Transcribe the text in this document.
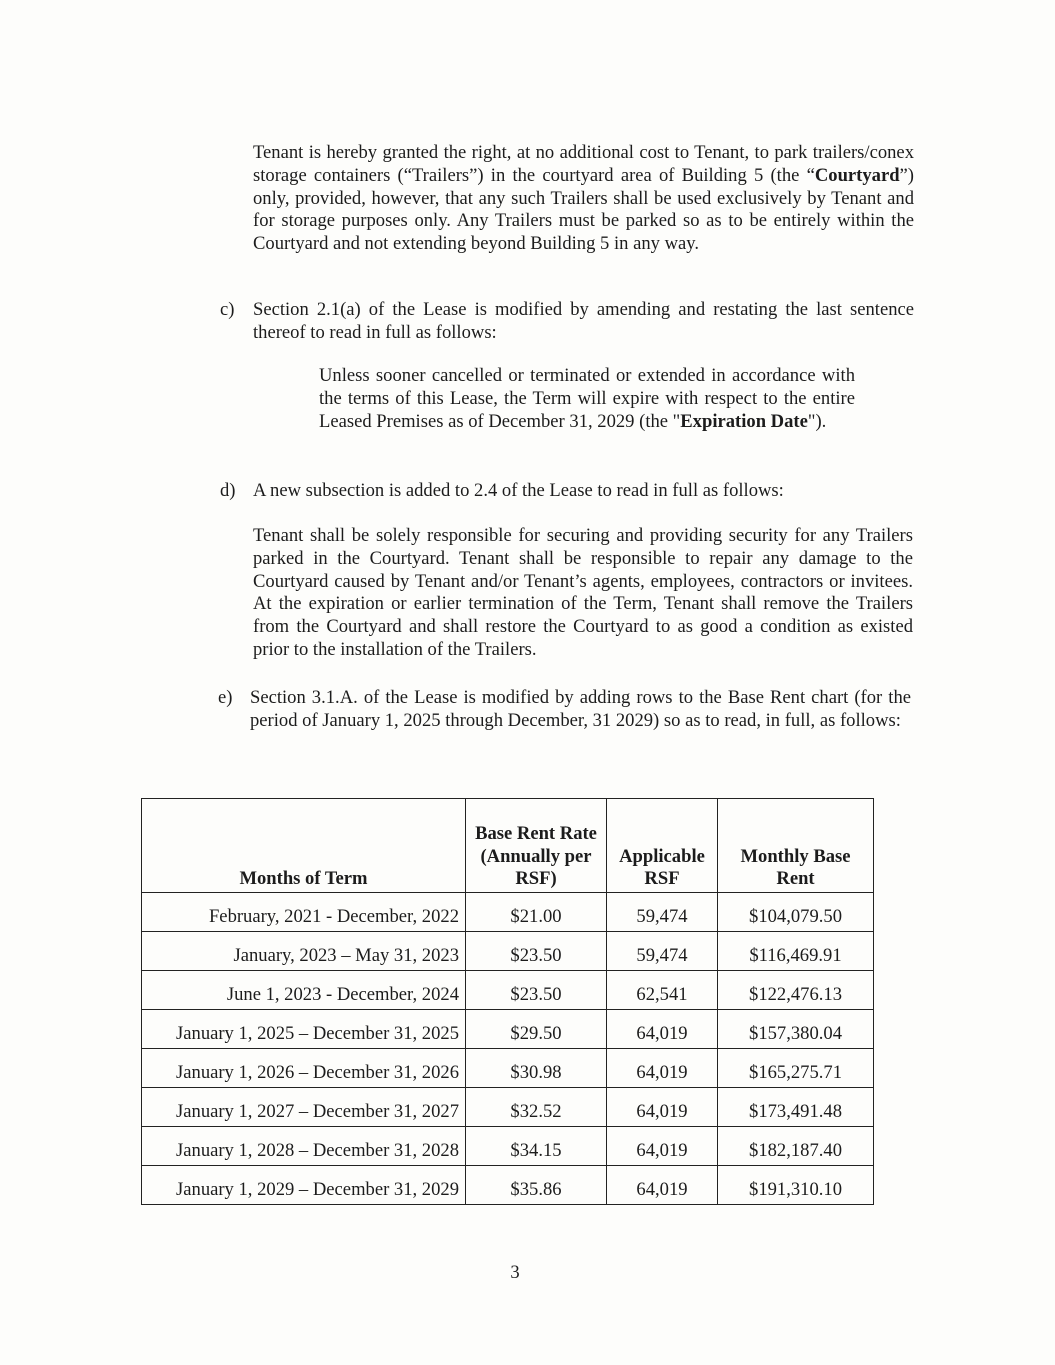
Tenant is hereby granted the right, at no additional cost to Tenant, to park trailers/conex storage containers (“Trailers”) in the courtyard area of Building 5 (the “Courtyard”) only, provided, however, that any such Trailers shall be used exclusively by Tenant and for storage purposes only. Any Trailers must be parked so as to be entirely within the Courtyard and not extending beyond Building 5 in any way.

c) Section 2.1(a) of the Lease is modified by amending and restating the last sentence thereof to read in full as follows:

Unless sooner cancelled or terminated or extended in accordance with the terms of this Lease, the Term will expire with respect to the entire Leased Premises as of December 31, 2029 (the "Expiration Date").

d) A new subsection is added to 2.4 of the Lease to read in full as follows:

Tenant shall be solely responsible for securing and providing security for any Trailers parked in the Courtyard. Tenant shall be responsible to repair any damage to the Courtyard caused by Tenant and/or Tenant’s agents, employees, contractors or invitees. At the expiration or earlier termination of the Term, Tenant shall remove the Trailers from the Courtyard and shall restore the Courtyard to as good a condition as existed prior to the installation of the Trailers.

e) Section 3.1.A. of the Lease is modified by adding rows to the Base Rent chart (for the period of January 1, 2025 through December, 31 2029) so as to read, in full, as follows:

Months of Term	Base Rent Rate (Annually per RSF)	Applicable RSF	Monthly Base Rent
February, 2021 - December, 2022	$21.00	59,474	$104,079.50
January, 2023 – May 31, 2023	$23.50	59,474	$116,469.91
June 1, 2023 - December, 2024	$23.50	62,541	$122,476.13
January 1, 2025 – December 31, 2025	$29.50	64,019	$157,380.04
January 1, 2026 – December 31, 2026	$30.98	64,019	$165,275.71
January 1, 2027 – December 31, 2027	$32.52	64,019	$173,491.48
January 1, 2028 – December 31, 2028	$34.15	64,019	$182,187.40
January 1, 2029 – December 31, 2029	$35.86	64,019	$191,310.10
3
